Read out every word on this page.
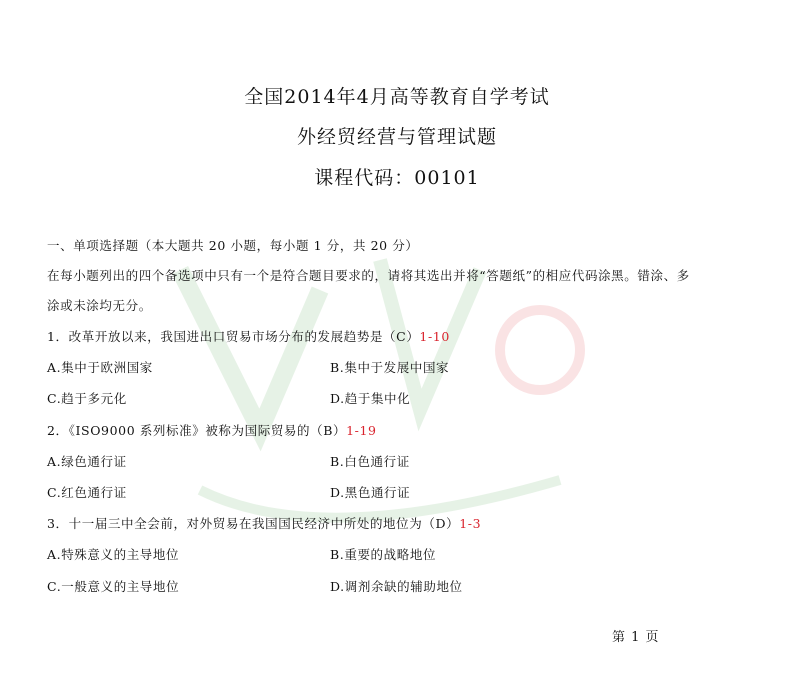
全国2014年4月高等教育自学考试
外经贸经营与管理试题
课程代码：00101
一、单项选择题（本大题共 20 小题，每小题 1 分，共 20 分）
在每小题列出的四个备选项中只有一个是符合题目要求的，请将其选出并将“答题纸”的相应代码涂黑。错涂、多
涂或未涂均无分。
1．改革开放以来，我国进出口贸易市场分布的发展趋势是（C）1-10
A.集中于欧洲国家	B.集中于发展中国家
C.趋于多元化	D.趋于集中化
2．《ISO9000 系列标准》被称为国际贸易的（B）1-19
A.绿色通行证	B.白色通行证
C.红色通行证	D.黑色通行证
3．十一届三中全会前，对外贸易在我国国民经济中所处的地位为（D）1-3
A.特殊意义的主导地位	B.重要的战略地位
C.一般意义的主导地位	D.调剂余缺的辅助地位
第 1 页
